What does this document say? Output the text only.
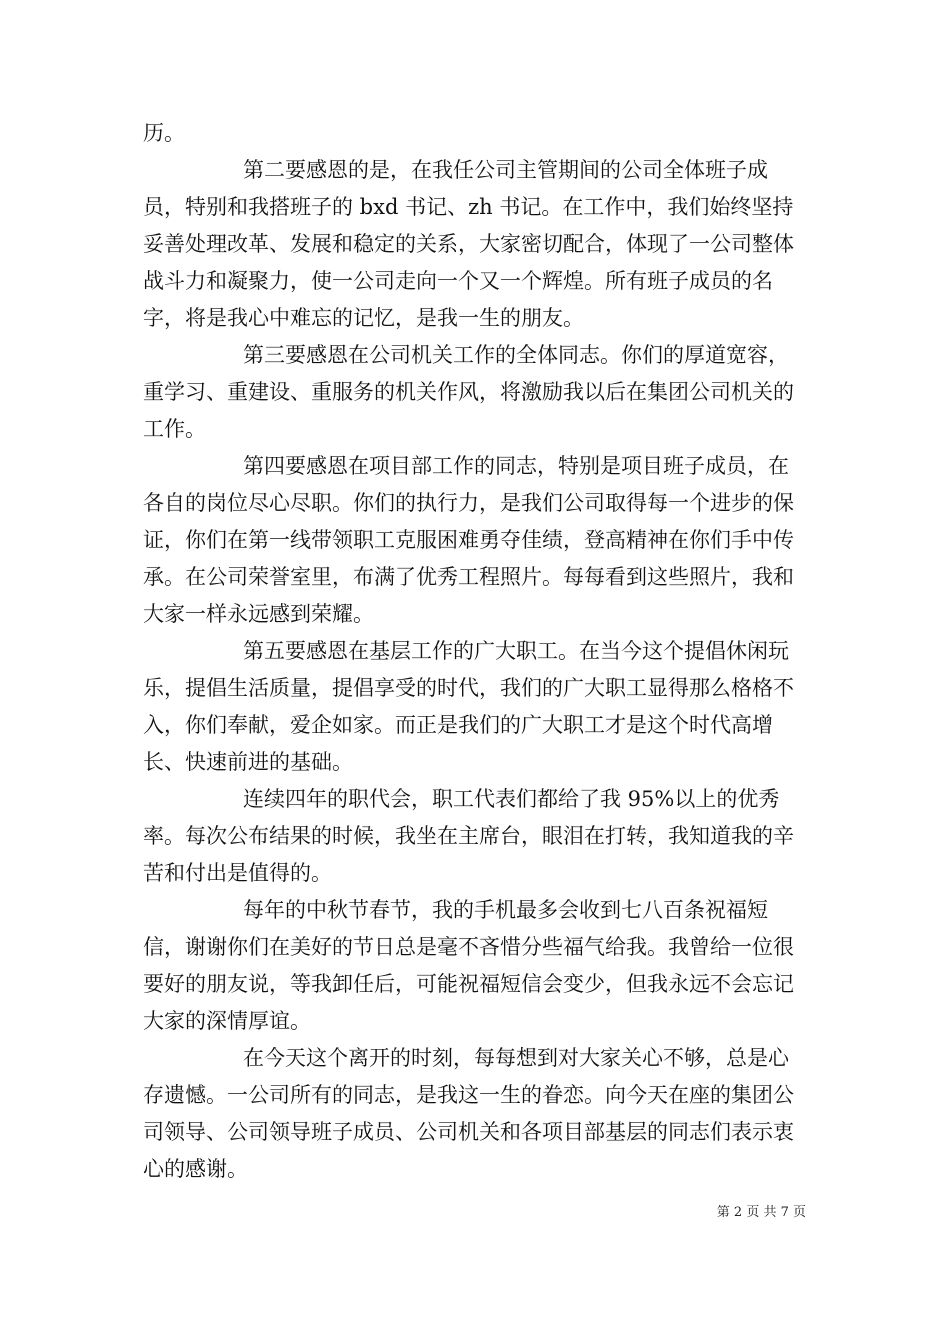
历。

第二要感恩的是，在我任公司主管期间的公司全体班子成员，特别和我搭班子的 bxd 书记、zh 书记。在工作中，我们始终坚持妥善处理改革、发展和稳定的关系，大家密切配合，体现了一公司整体战斗力和凝聚力，使一公司走向一个又一个辉煌。所有班子成员的名字，将是我心中难忘的记忆，是我一生的朋友。

第三要感恩在公司机关工作的全体同志。你们的厚道宽容，重学习、重建设、重服务的机关作风，将激励我以后在集团公司机关的工作。

第四要感恩在项目部工作的同志，特别是项目班子成员，在各自的岗位尽心尽职。你们的执行力，是我们公司取得每一个进步的保证，你们在第一线带领职工克服困难勇夺佳绩，登高精神在你们手中传承。在公司荣誉室里，布满了优秀工程照片。每每看到这些照片，我和大家一样永远感到荣耀。

第五要感恩在基层工作的广大职工。在当今这个提倡休闲玩乐，提倡生活质量，提倡享受的时代，我们的广大职工显得那么格格不入，你们奉献，爱企如家。而正是我们的广大职工才是这个时代高增长、快速前进的基础。

连续四年的职代会，职工代表们都给了我 95%以上的优秀率。每次公布结果的时候，我坐在主席台，眼泪在打转，我知道我的辛苦和付出是值得的。

每年的中秋节春节，我的手机最多会收到七八百条祝福短信，谢谢你们在美好的节日总是毫不吝惜分些福气给我。我曾给一位很要好的朋友说，等我卸任后，可能祝福短信会变少，但我永远不会忘记大家的深情厚谊。

在今天这个离开的时刻，每每想到对大家关心不够，总是心存遗憾。一公司所有的同志，是我这一生的眷恋。向今天在座的集团公司领导、公司领导班子成员、公司机关和各项目部基层的同志们表示衷心的感谢。

第 2 页 共 7 页
